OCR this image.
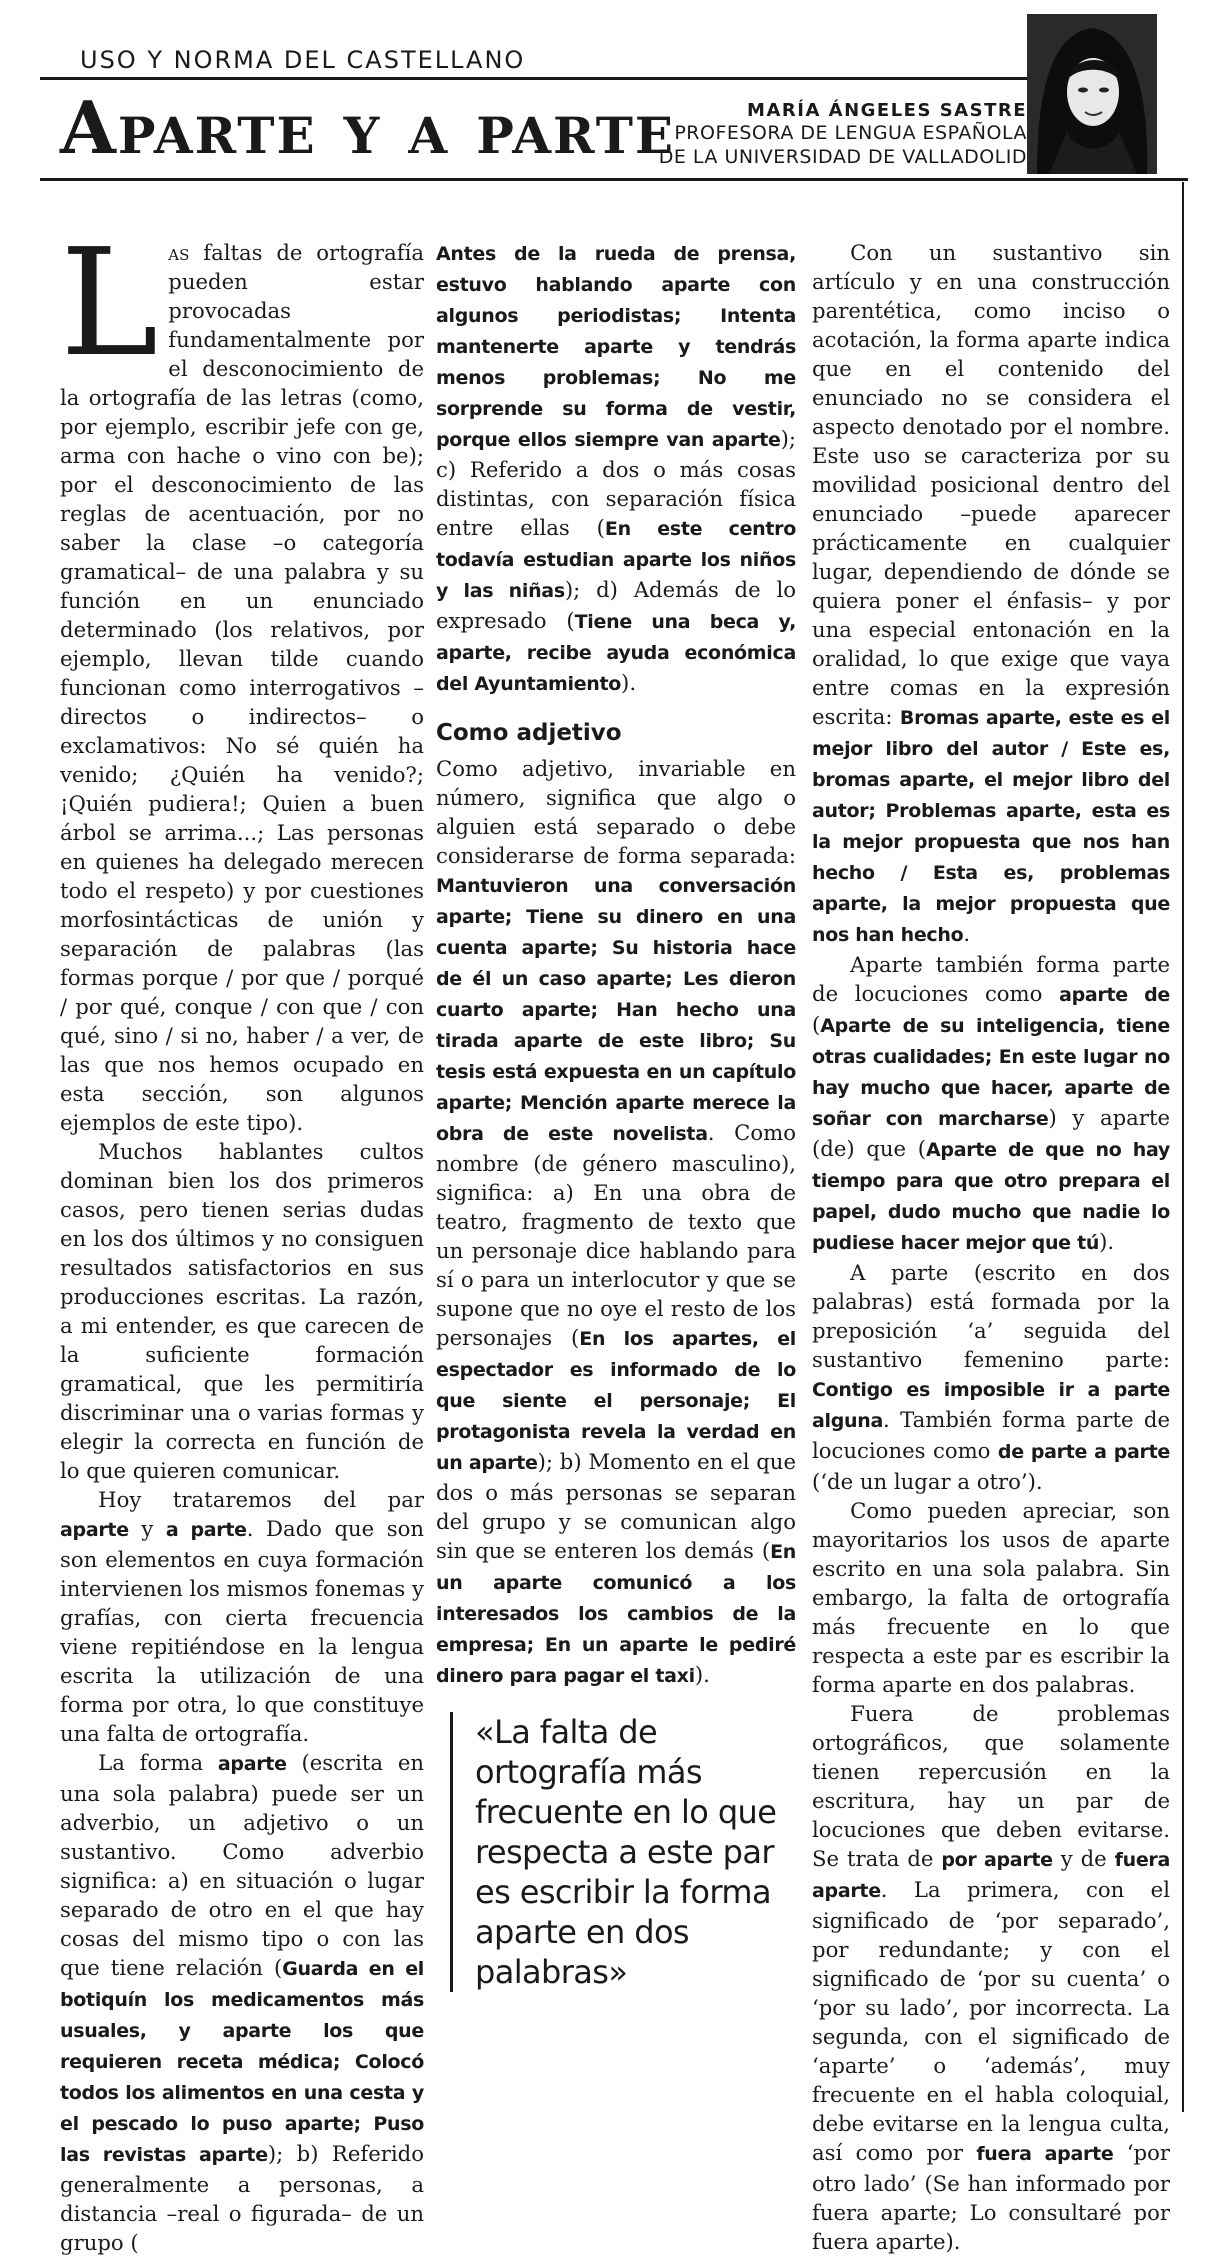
USO Y NORMA DEL CASTELLANO
Aparte y a parte	MARÍA ÁNGELES SASTRE
PROFESORA DE LENGUA ESPAÑOLA
DE LA UNIVERSIDAD DE VALLADOLID

Las faltas de ortografía pueden estar provocadas fundamentalmente por el desconocimiento de la ortografía de las letras (como, por ejemplo, escribir jefe con ge, arma con hache o vino con be); por el desconocimiento de las reglas de acentuación, por no saber la clase –o categoría gramatical– de una palabra y su función en un enunciado determinado (los relativos, por ejemplo, llevan tilde cuando funcionan como interrogativos –directos o indirectos– o exclamativos: No sé quién ha venido; ¿Quién ha venido?; ¡Quién pudiera!; Quien a buen árbol se arrima...; Las personas en quienes ha delegado merecen todo el respeto) y por cuestiones morfosintácticas de unión y separación de palabras (las formas porque / por que / porqué / por qué, conque / con que / con qué, sino / si no, haber / a ver, de las que nos hemos ocupado en esta sección, son algunos ejemplos de este tipo).

Muchos hablantes cultos dominan bien los dos primeros casos, pero tienen serias dudas en los dos últimos y no consiguen resultados satisfactorios en sus producciones escritas. La razón, a mi entender, es que carecen de la suficiente formación gramatical, que les permitiría discriminar una o varias formas y elegir la correcta en función de lo que quieren comunicar.

Hoy trataremos del par aparte y a parte. Dado que son son elementos en cuya formación intervienen los mismos fonemas y grafías, con cierta frecuencia viene repitiéndose en la lengua escrita la utilización de una forma por otra, lo que constituye una falta de ortografía.

La forma aparte (escrita en una sola palabra) puede ser un adverbio, un adjetivo o un sustantivo. Como adverbio significa: a) en situación o lugar separado de otro en el que hay cosas del mismo tipo o con las que tiene relación (Guarda en el botiquín los medicamentos más usuales, y aparte los que requieren receta médica; Colocó todos los alimentos en una cesta y el pescado lo puso aparte; Puso las revistas aparte); b) Referido generalmente a personas, a distancia –real o figurada– de un grupo (

Antes de la rueda de prensa, estuvo hablando aparte con algunos periodistas; Intenta mantenerte aparte y tendrás menos problemas; No me sorprende su forma de vestir, porque ellos siempre van aparte); c) Referido a dos o más cosas distintas, con separación física entre ellas (En este centro todavía estudian aparte los niños y las niñas); d) Además de lo expresado (Tiene una beca y, aparte, recibe ayuda económica del Ayuntamiento).

Como adjetivo

Como adjetivo, invariable en número, significa que algo o alguien está separado o debe considerarse de forma separada: Mantuvieron una conversación aparte; Tiene su dinero en una cuenta aparte; Su historia hace de él un caso aparte; Les dieron cuarto aparte; Han hecho una tirada aparte de este libro; Su tesis está expuesta en un capítulo aparte; Mención aparte merece la obra de este novelista. Como nombre (de género masculino), significa: a) En una obra de teatro, fragmento de texto que un personaje dice hablando para sí o para un interlocutor y que se supone que no oye el resto de los personajes (En los apartes, el espectador es informado de lo que siente el personaje; El protagonista revela la verdad en un aparte); b) Momento en el que dos o más personas se separan del grupo y se comunican algo sin que se enteren los demás (En un aparte comunicó a los interesados los cambios de la empresa; En un aparte le pediré dinero para pagar el taxi).

«La falta de ortografía más frecuente en lo que respecta a este par es escribir la forma aparte en dos palabras»

Con un sustantivo sin artículo y en una construcción parentética, como inciso o acotación, la forma aparte indica que en el contenido del enunciado no se considera el aspecto denotado por el nombre. Este uso se caracteriza por su movilidad posicional dentro del enunciado –puede aparecer prácticamente en cualquier lugar, dependiendo de dónde se quiera poner el énfasis– y por una especial entonación en la oralidad, lo que exige que vaya entre comas en la expresión escrita: Bromas aparte, este es el mejor libro del autor / Este es, bromas aparte, el mejor libro del autor; Problemas aparte, esta es la mejor propuesta que nos han hecho / Esta es, problemas aparte, la mejor propuesta que nos han hecho.

Aparte también forma parte de locuciones como aparte de (Aparte de su inteligencia, tiene otras cualidades; En este lugar no hay mucho que hacer, aparte de soñar con marcharse) y aparte (de) que (Aparte de que no hay tiempo para que otro prepara el papel, dudo mucho que nadie lo pudiese hacer mejor que tú).

A parte (escrito en dos palabras) está formada por la preposición ‘a’ seguida del sustantivo femenino parte: Contigo es imposible ir a parte alguna. También forma parte de locuciones como de parte a parte (‘de un lugar a otro’).

Como pueden apreciar, son mayoritarios los usos de aparte escrito en una sola palabra. Sin embargo, la falta de ortografía más frecuente en lo que respecta a este par es escribir la forma aparte en dos palabras.

Fuera de problemas ortográficos, que solamente tienen repercusión en la escritura, hay un par de locuciones que deben evitarse. Se trata de por aparte y de fuera aparte. La primera, con el significado de ‘por separado’, por redundante; y con el significado de ‘por su cuenta’ o ‘por su lado’, por incorrecta. La segunda, con el significado de ‘aparte’ o ‘además’, muy frecuente en el habla coloquial, debe evitarse en la lengua culta, así como por fuera aparte ‘por otro lado’ (Se han informado por fuera aparte; Lo consultaré por fuera aparte).
